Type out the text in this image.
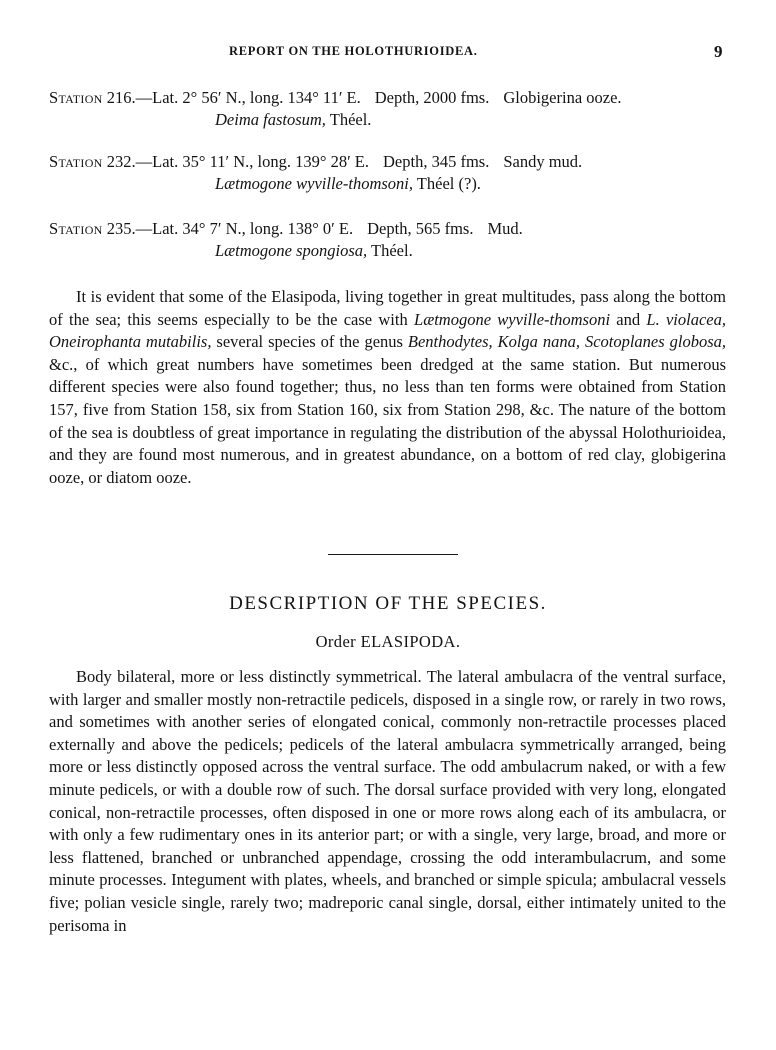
REPORT ON THE HOLOTHURIOIDEA.	9
Station 216.—Lat. 2° 56′ N., long. 134° 11′ E. Depth, 2000 fms. Globigerina ooze.
Deima fastosum, Théel.
Station 232.—Lat. 35° 11′ N., long. 139° 28′ E. Depth, 345 fms. Sandy mud.
Lætmogone wyville-thomsoni, Théel (?).
Station 235.—Lat. 34° 7′ N., long. 138° 0′ E. Depth, 565 fms. Mud.
Lætmogone spongiosa, Théel.

It is evident that some of the Elasipoda, living together in great multitudes, pass along the bottom of the sea; this seems especially to be the case with Lætmogone wyville-thomsoni and L. violacea, Oneirophanta mutabilis, several species of the genus Benthodytes, Kolga nana, Scotoplanes globosa, &c., of which great numbers have sometimes been dredged at the same station. But numerous different species were also found together; thus, no less than ten forms were obtained from Station 157, five from Station 158, six from Station 160, six from Station 298, &c. The nature of the bottom of the sea is doubtless of great importance in regulating the distribution of the abyssal Holothurioidea, and they are found most numerous, and in greatest abundance, on a bottom of red clay, globigerina ooze, or diatom ooze.

DESCRIPTION OF THE SPECIES.
Order ELASIPODA.

Body bilateral, more or less distinctly symmetrical. The lateral ambulacra of the ventral surface, with larger and smaller mostly non-retractile pedicels, disposed in a single row, or rarely in two rows, and sometimes with another series of elongated conical, commonly non-retractile processes placed externally and above the pedicels; pedicels of the lateral ambulacra symmetrically arranged, being more or less distinctly opposed across the ventral surface. The odd ambulacrum naked, or with a few minute pedicels, or with a double row of such. The dorsal surface provided with very long, elongated conical, non-retractile processes, often disposed in one or more rows along each of its ambulacra, or with only a few rudimentary ones in its anterior part; or with a single, very large, broad, and more or less flattened, branched or unbranched appendage, crossing the odd interambulacrum, and some minute processes. Integument with plates, wheels, and branched or simple spicula; ambulacral vessels five; polian vesicle single, rarely two; madreporic canal single, dorsal, either intimately united to the perisoma in
